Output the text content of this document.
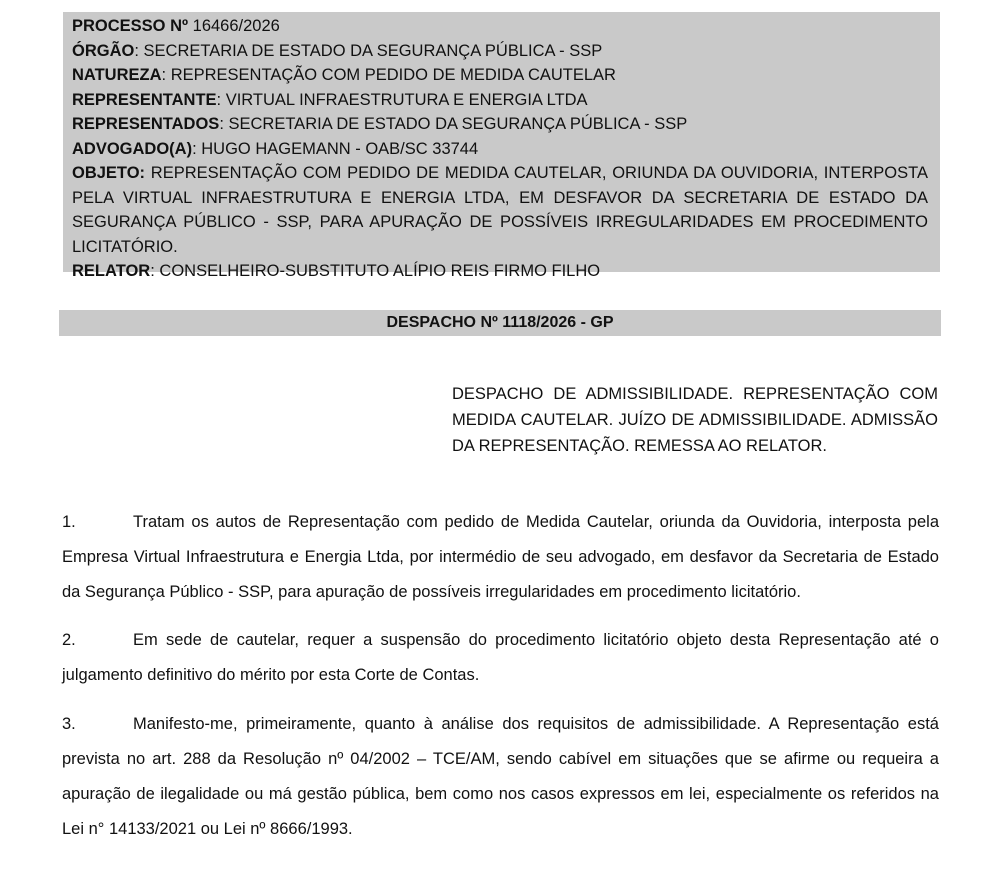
PROCESSO Nº 16466/2026
ÓRGÃO: SECRETARIA DE ESTADO DA SEGURANÇA PÚBLICA - SSP
NATUREZA: REPRESENTAÇÃO COM PEDIDO DE MEDIDA CAUTELAR
REPRESENTANTE: VIRTUAL INFRAESTRUTURA E ENERGIA LTDA
REPRESENTADOS: SECRETARIA DE ESTADO DA SEGURANÇA PÚBLICA - SSP
ADVOGADO(A): HUGO HAGEMANN - OAB/SC 33744
OBJETO: REPRESENTAÇÃO COM PEDIDO DE MEDIDA CAUTELAR, ORIUNDA DA OUVIDORIA, INTERPOSTA PELA VIRTUAL INFRAESTRUTURA E ENERGIA LTDA, EM DESFAVOR DA SECRETARIA DE ESTADO DA SEGURANÇA PÚBLICO - SSP, PARA APURAÇÃO DE POSSÍVEIS IRREGULARIDADES EM PROCEDIMENTO LICITATÓRIO.
RELATOR: CONSELHEIRO-SUBSTITUTO ALÍPIO REIS FIRMO FILHO
DESPACHO Nº 1118/2026 - GP
DESPACHO DE ADMISSIBILIDADE. REPRESENTAÇÃO COM MEDIDA CAUTELAR. JUÍZO DE ADMISSIBILIDADE. ADMISSÃO DA REPRESENTAÇÃO. REMESSA AO RELATOR.
1.	Tratam os autos de Representação com pedido de Medida Cautelar, oriunda da Ouvidoria, interposta pela Empresa Virtual Infraestrutura e Energia Ltda, por intermédio de seu advogado, em desfavor da Secretaria de Estado da Segurança Público - SSP, para apuração de possíveis irregularidades em procedimento licitatório.
2.	Em sede de cautelar, requer a suspensão do procedimento licitatório objeto desta Representação até o julgamento definitivo do mérito por esta Corte de Contas.
3.	Manifesto-me, primeiramente, quanto à análise dos requisitos de admissibilidade. A Representação está prevista no art. 288 da Resolução nº 04/2002 – TCE/AM, sendo cabível em situações que se afirme ou requeira a apuração de ilegalidade ou má gestão pública, bem como nos casos expressos em lei, especialmente os referidos na Lei n° 14133/2021 ou Lei nº 8666/1993.
